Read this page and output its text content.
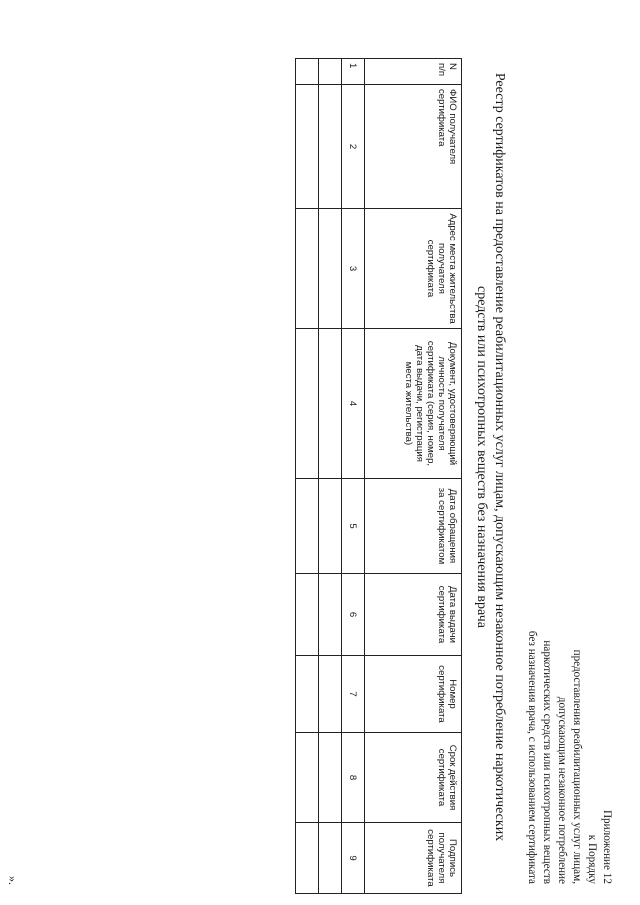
Приложение 12
к Порядку
предоставления реабилитационных услуг лицам,
допускающим незаконное потребление
наркотических средств или психотропных веществ
без назначения врача, с использованием сертификата
Реестр сертификатов на предоставление реабилитационных услуг лицам, допускающим незаконное потребление наркотических
средств или психотропных веществ без назначения врача
N п/п	ФИО получателя сертификата	Адрес места жительства получателя сертификата	Документ, удостоверяющий личность получателя сертификата (серия, номер, дата выдачи, регистрация места жительства)	Дата обращения за сертификатом	Дата выдачи сертификата	Номер сертификата	Срок действия сертификата	Подпись получателя сертификата
1	2	3	4	5	6	7	8	9

».
